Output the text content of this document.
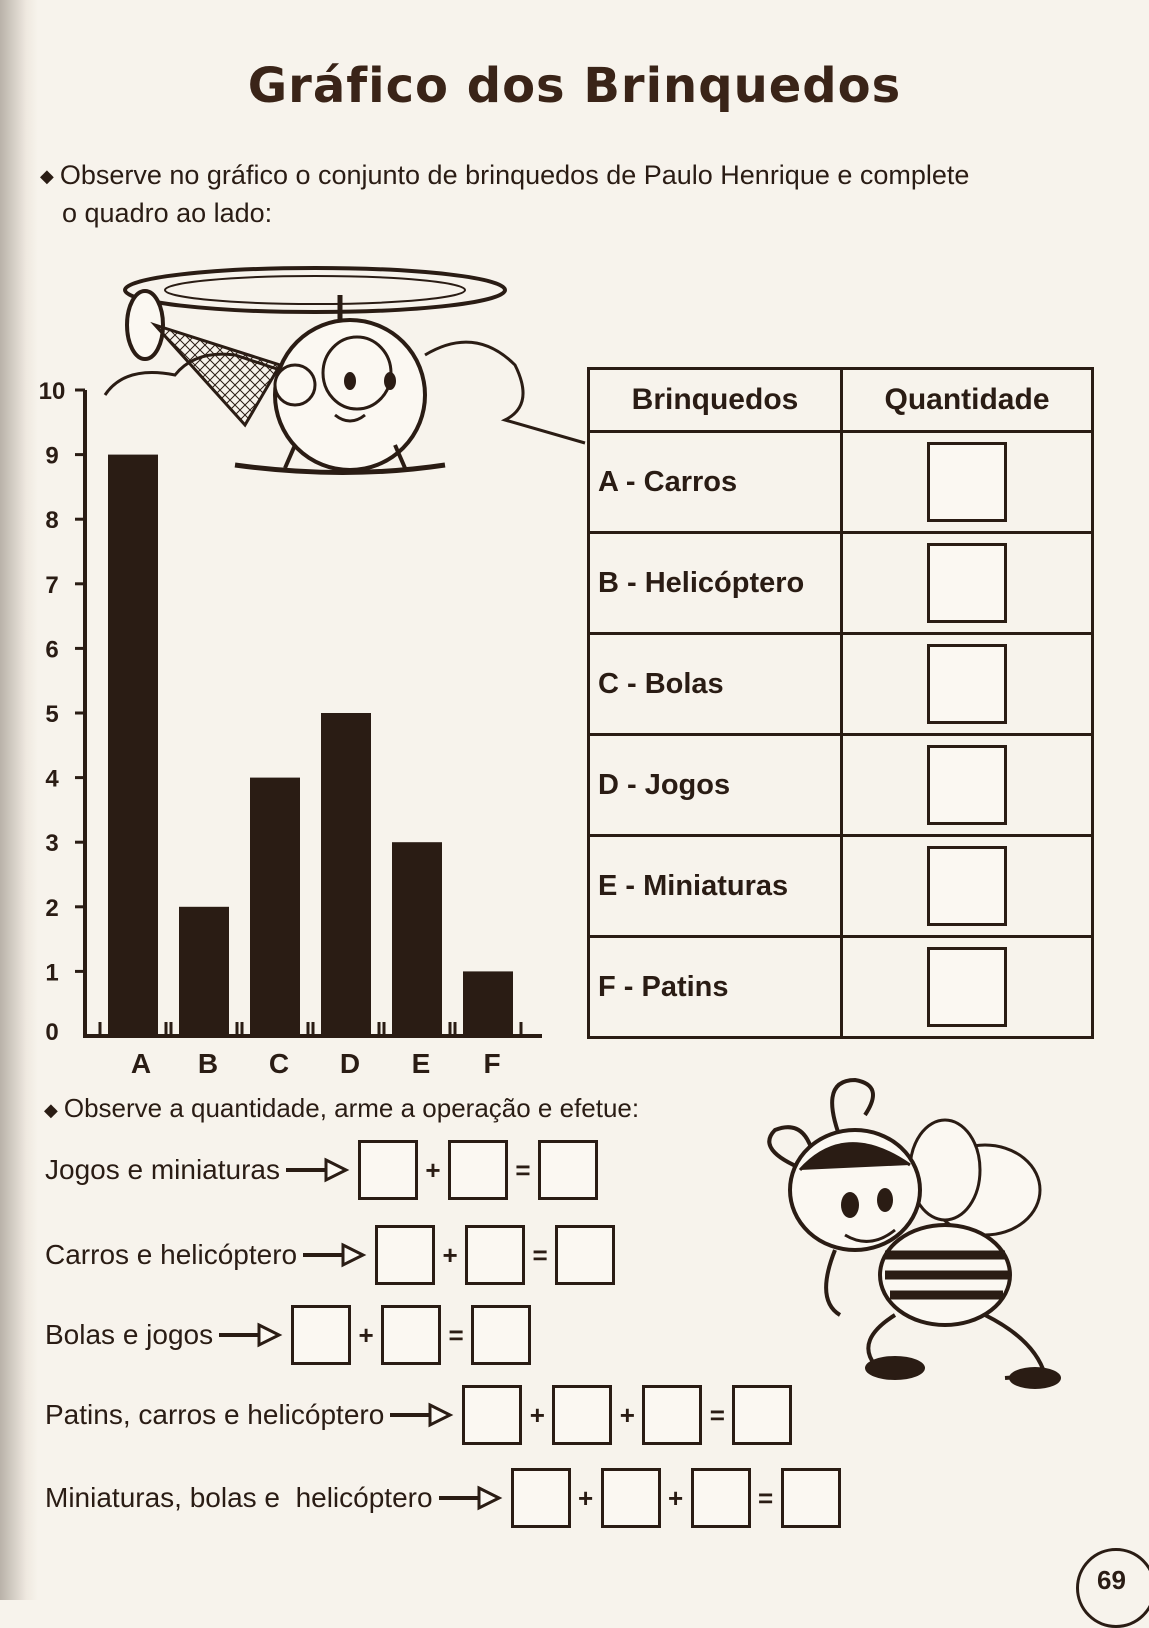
Gráfico dos Brinquedos

◆ Observe no gráfico o conjunto de brinquedos de Paulo Henrique e complete
o quadro ao lado:

0
1
2
3
4
5
6
7
8
9
10
A B C D E F
Brinquedos	Quantidade
A - Carros	
B - Helicóptero	
C - Bolas	
D - Jogos	
E - Miniaturas	
F - Patins	

◆ Observe a quantidade, arme a operação e efetue:

Jogos e miniaturas	+	=
Carros e helicóptero	+	=
Bolas e jogos	+	=
Patins, carros e helicóptero	+	+	=
Miniaturas, bolas e  helicóptero	+	+	=
69
